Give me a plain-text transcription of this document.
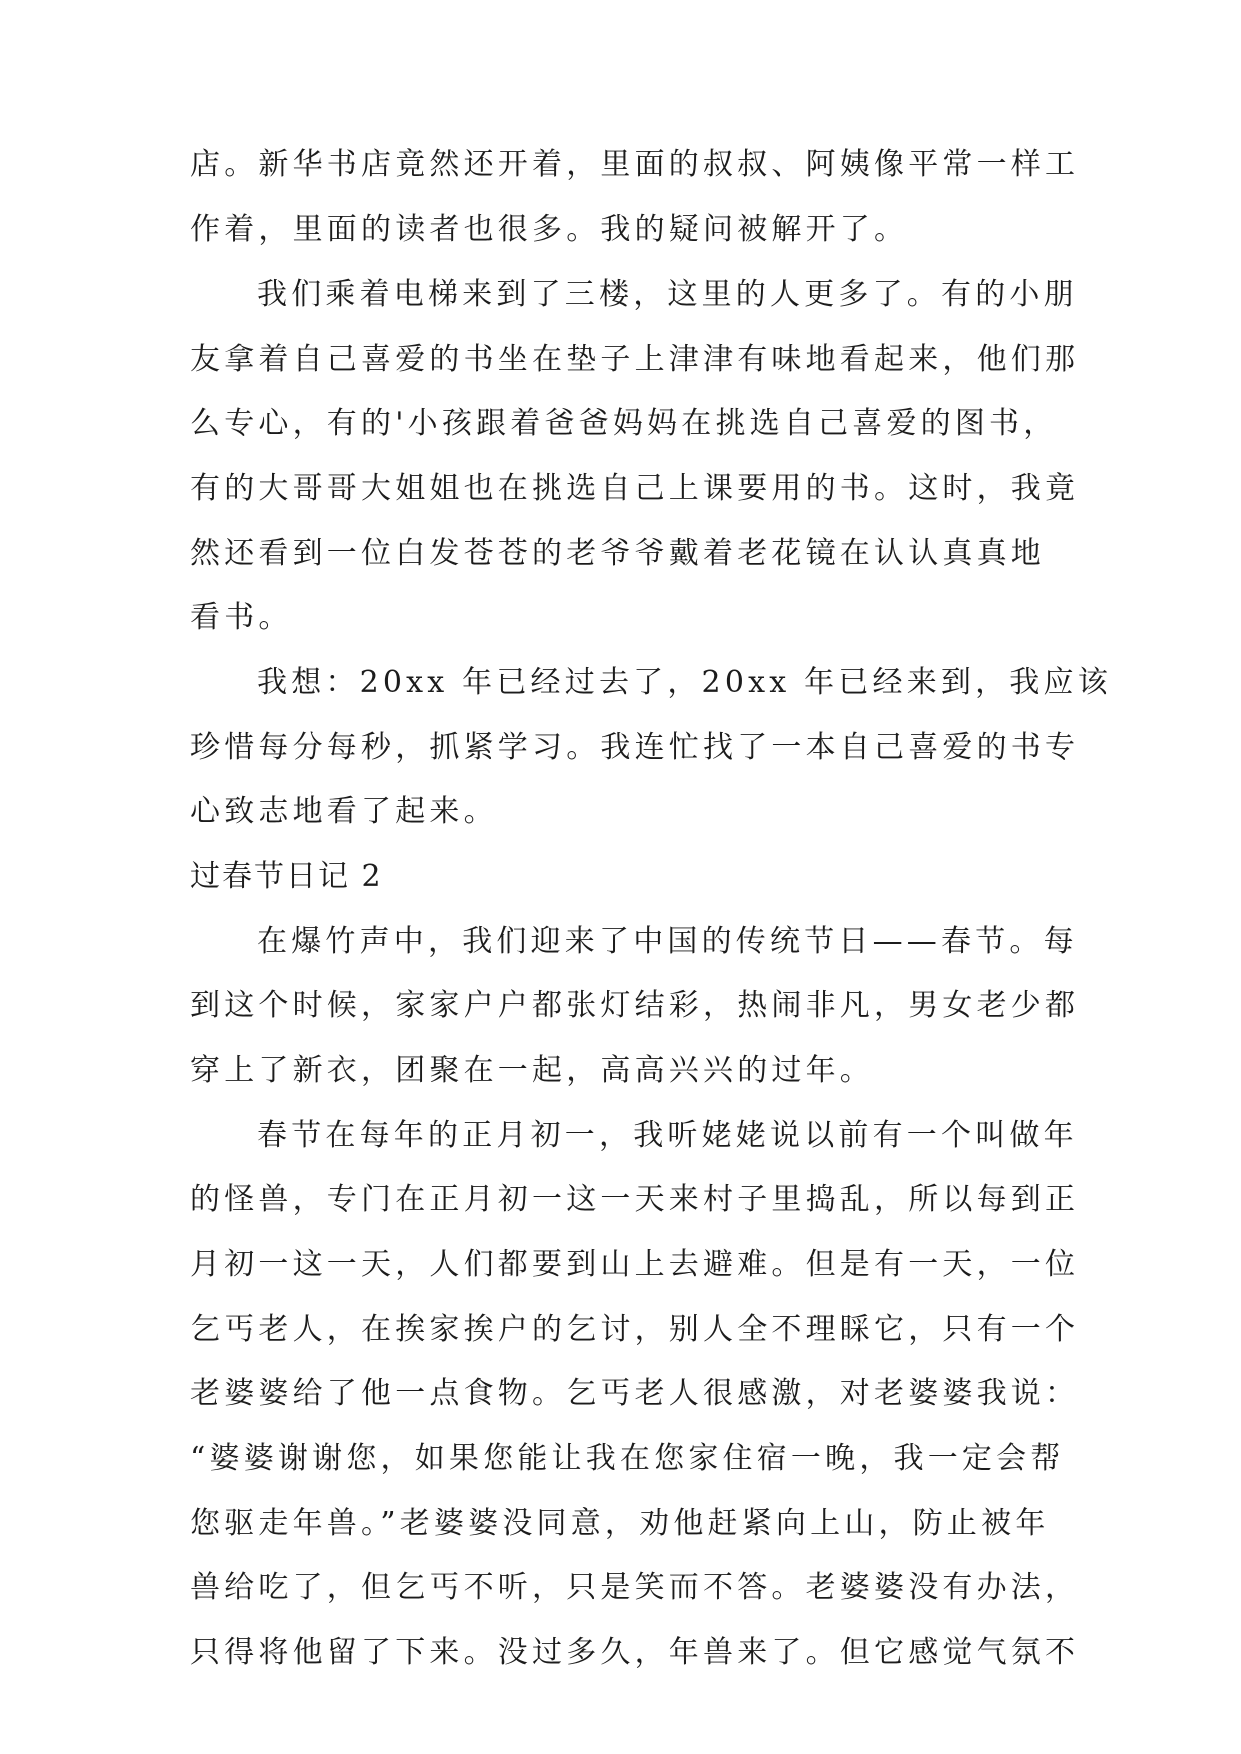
店。新华书店竟然还开着，里面的叔叔、阿姨像平常一样工
作着，里面的读者也很多。我的疑问被解开了。
我们乘着电梯来到了三楼，这里的人更多了。有的小朋
友拿着自己喜爱的书坐在垫子上津津有味地看起来，他们那
么专心，有的'小孩跟着爸爸妈妈在挑选自己喜爱的图书，
有的大哥哥大姐姐也在挑选自己上课要用的书。这时，我竟
然还看到一位白发苍苍的老爷爷戴着老花镜在认认真真地
看书。
我想：20xx 年已经过去了，20xx 年已经来到，我应该
珍惜每分每秒，抓紧学习。我连忙找了一本自己喜爱的书专
心致志地看了起来。
过春节日记 2
在爆竹声中，我们迎来了中国的传统节日——春节。每
到这个时候，家家户户都张灯结彩，热闹非凡，男女老少都
穿上了新衣，团聚在一起，高高兴兴的过年。
春节在每年的正月初一，我听姥姥说以前有一个叫做年
的怪兽，专门在正月初一这一天来村子里捣乱，所以每到正
月初一这一天，人们都要到山上去避难。但是有一天，一位
乞丐老人，在挨家挨户的乞讨，别人全不理睬它，只有一个
老婆婆给了他一点食物。乞丐老人很感激，对老婆婆我说：
“婆婆谢谢您，如果您能让我在您家住宿一晚，我一定会帮
您驱走年兽。”老婆婆没同意，劝他赶紧向上山，防止被年
兽给吃了，但乞丐不听，只是笑而不答。老婆婆没有办法，
只得将他留了下来。没过多久，年兽来了。但它感觉气氛不
